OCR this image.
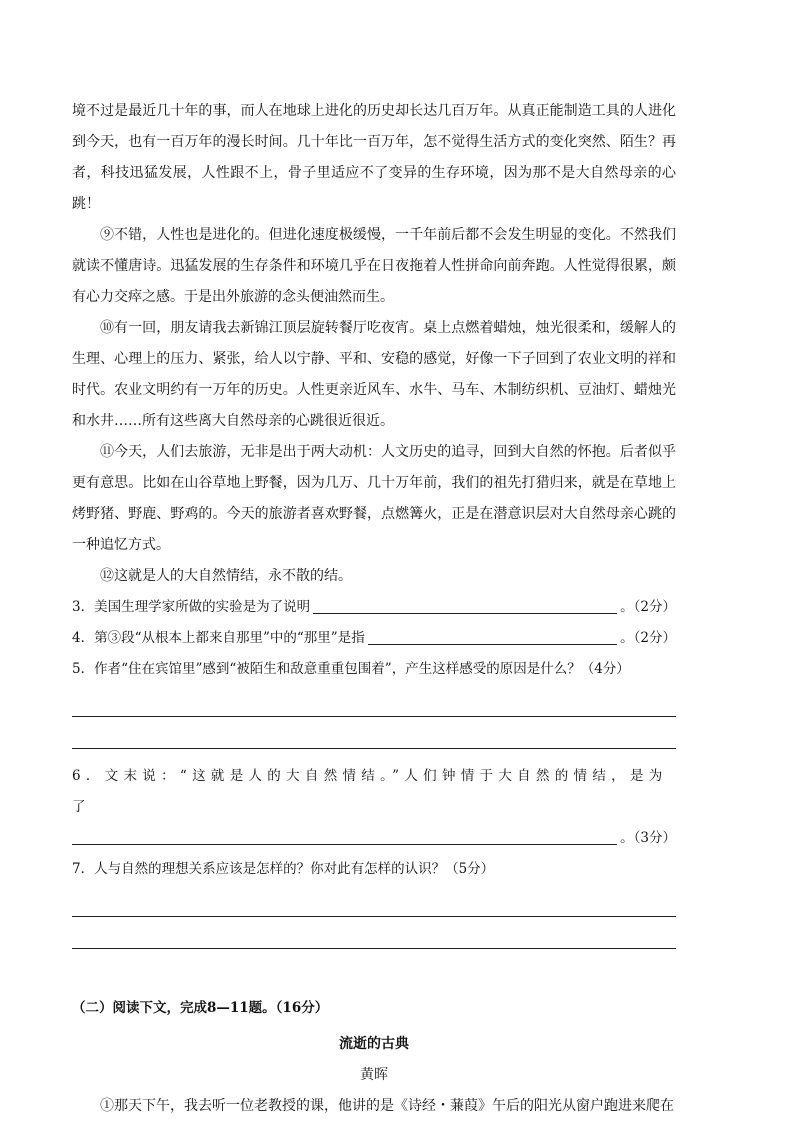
境不过是最近几十年的事，而人在地球上进化的历史却长达几百万年。从真正能制造工具的人进化到今天，也有一百万年的漫长时间。几十年比一百万年，怎不觉得生活方式的变化突然、陌生？再者，科技迅猛发展，人性跟不上，骨子里适应不了变异的生存环境，因为那不是大自然母亲的心跳！

⑨不错，人性也是进化的。但进化速度极缓慢，一千年前后都不会发生明显的变化。不然我们就读不懂唐诗。迅猛发展的生存条件和环境几乎在日夜拖着人性拼命向前奔跑。人性觉得很累，颇有心力交瘁之感。于是出外旅游的念头便油然而生。

⑩有一回，朋友请我去新锦江顶层旋转餐厅吃夜宵。桌上点燃着蜡烛，烛光很柔和，缓解人的生理、心理上的压力、紧张，给人以宁静、平和、安稳的感觉，好像一下子回到了农业文明的祥和时代。农业文明约有一万年的历史。人性更亲近风车、水牛、马车、木制纺织机、豆油灯、蜡烛光和水井……所有这些离大自然母亲的心跳很近很近。

⑪今天，人们去旅游，无非是出于两大动机：人文历史的追寻，回到大自然的怀抱。后者似乎更有意思。比如在山谷草地上野餐，因为几万、几十万年前，我们的祖先打猎归来，就是在草地上烤野猪、野鹿、野鸡的。今天的旅游者喜欢野餐，点燃篝火，正是在潜意识层对大自然母亲心跳的一种追忆方式。

⑫这就是人的大自然情结，永不散的结。

3．美国生理学家所做的实验是为了说明	。（2分）
4．第③段“从根本上都来自那里”中的“那里”是指	。（2分）

5．作者“住在宾馆里”感到“被陌生和敌意重重包围着”，产生这样感受的原因是什么？（4分）

6．文末说：“这就是人的大自然情结。”人们钟情于大自然的情结，是为了

。（3分）

7．人与自然的理想关系应该是怎样的？你对此有怎样的认识？（5分）

（二）阅读下文，完成8—11题。（16分）
流逝的古典
黄晖

①那天下午，我去听一位老教授的课，他讲的是《诗经・蒹葭》午后的阳光从窗户跑进来爬在
